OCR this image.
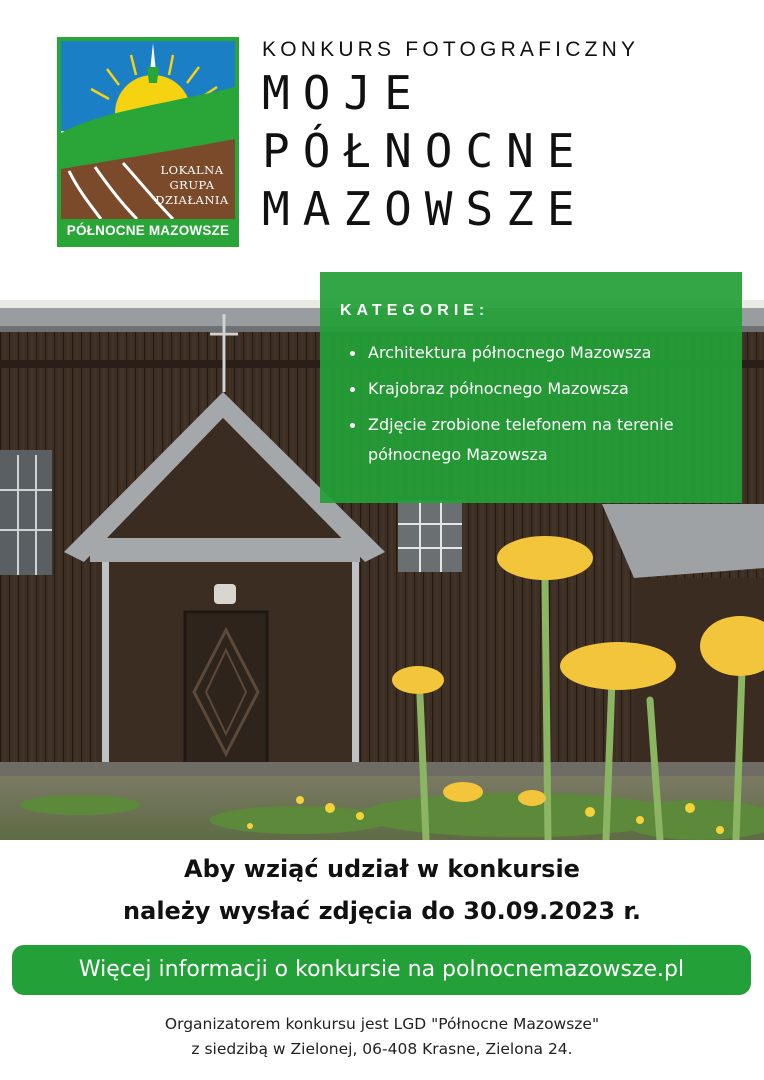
LOKALNA
GRUPA
DZIAŁANIA
PÓŁNOCNE MAZOWSZE
KONKURS FOTOGRAFICZNY
MOJE
PÓŁNOCNE
MAZOWSZE
KATEGORIE:
Architektura północnego Mazowsza
Krajobraz północnego Mazowsza
Zdjęcie zrobione telefonem na terenie
północnego Mazowsza
Aby wziąć udział w konkursie
należy wysłać zdjęcia do 30.09.2023 r.
Więcej informacji o konkursie na polnocnemazowsze.pl
Organizatorem konkursu jest LGD "Północne Mazowsze"
z siedzibą w Zielonej, 06-408 Krasne, Zielona 24.
